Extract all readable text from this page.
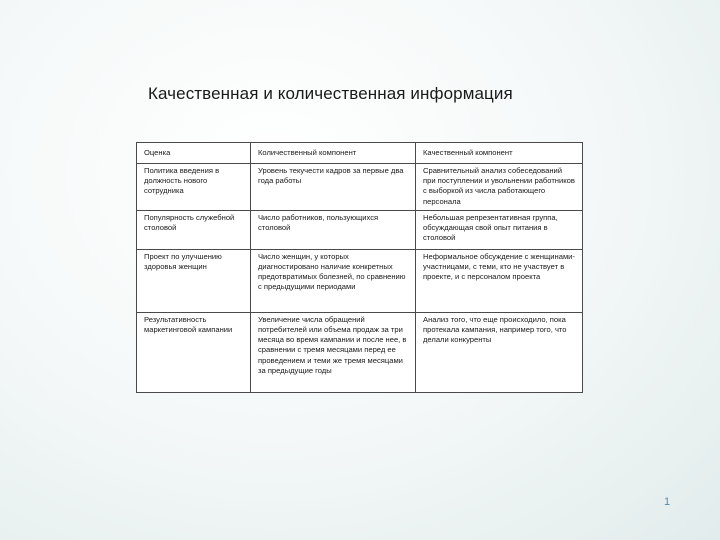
Качественная и количественная информация
Оценка	Количественный компонент	Качественный компонент
Политика введения в должность нового сотрудника	Уровень текучести кадров за первые два года работы	Сравнительный анализ собеседований при поступлении и увольнении работников с выборкой из числа работающего персонала
Популярность служебной столовой	Число работников, пользующихся столовой	Небольшая репрезентативная группа, обсуждающая свой опыт питания в столовой
Проект по улучшению здоровья женщин	Число женщин, у которых диагностировано наличие конкретных предотвратимых болезней, по сравнению с предыдущими периодами	Неформальное обсуждение с женщинами-участницами, с теми, кто не участвует в проекте, и с персоналом проекта
Результативность маркетинговой кампании	Увеличение числа обращений потребителей или объема продаж за три месяца во время кампании и после нее, в сравнении с тремя месяцами перед ее проведением и теми же тремя месяцами за предыдущие годы	Анализ того, что еще происходило, пока протекала кампания, например того, что делали конкуренты
1
